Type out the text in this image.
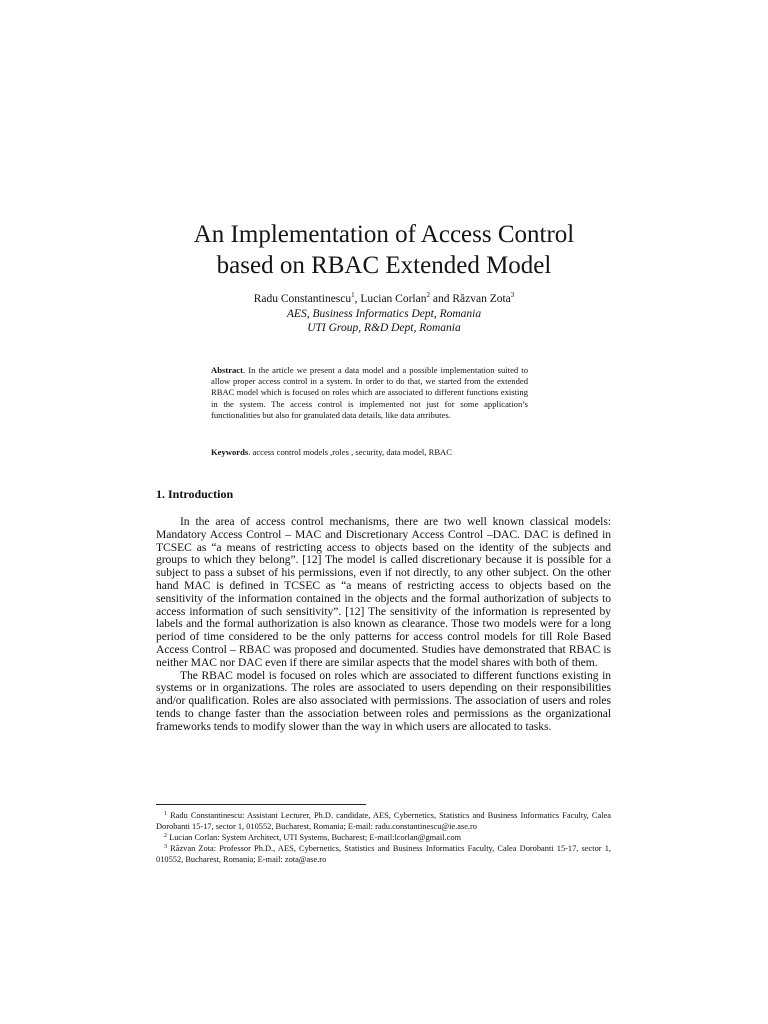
An Implementation of Access Control
based on RBAC Extended Model
Radu Constantinescu$^1$, Lucian Corlan$^2$ and Răzvan Zota$^3$
AES, Business Informatics Dept, Romania
UTI Group, R&D Dept, Romania
Abstract. In the article we present a data model and a possible implementation suited to allow proper access control in a system. In order to do that, we started from the extended RBAC model which is focused on roles which are associated to different functions existing in the system. The access control is implemented not just for some application’s functionalities but also for granulated data details, like data attributes.
Keywords. access control models ,roles , security, data model, RBAC
1. Introduction

In the area of access control mechanisms, there are two well known classical models: Mandatory Access Control – MAC and Discretionary Access Control –DAC. DAC is defined in TCSEC as “a means of restricting access to objects based on the identity of the subjects and groups to which they belong”. [12] The model is called discretionary because it is possible for a subject to pass a subset of his permissions, even if not directly, to any other subject. On the other hand MAC is defined in TCSEC as “a means of restricting access to objects based on the sensitivity of the information contained in the objects and the formal authorization of subjects to access information of such sensitivity”. [12] The sensitivity of the information is represented by labels and the formal authorization is also known as clearance. Those two models were for a long period of time considered to be the only patterns for access control models for till Role Based Access Control – RBAC was proposed and documented. Studies have demonstrated that RBAC is neither MAC nor DAC even if there are similar aspects that the model shares with both of them.

The RBAC model is focused on roles which are associated to different functions existing in systems or in organizations. The roles are associated to users depending on their responsibilities and/or qualification. Roles are also associated with permissions. The association of users and roles tends to change faster than the association between roles and permissions as the organizational frameworks tends to modify slower than the way in which users are allocated to tasks.

$^1$ Radu Constantinescu: Assistant Lecturer, Ph.D. candidate, AES, Cybernetics, Statistics and Business Informatics Faculty, Calea Dorobanti 15-17, sector 1, 010552, Bucharest, Romania; E-mail: radu.constantinescu@ie.ase.ro

$^2$ Lucian Corlan: System Architect, UTI Systems, Bucharest; E-mail:lcorlan@gmail.com

$^3$ Răzvan Zota: Professor Ph.D., AES, Cybernetics, Statistics and Business Informatics Faculty, Calea Dorobanti 15-17, sector 1, 010552, Bucharest, Romania; E-mail: zota@ase.ro
